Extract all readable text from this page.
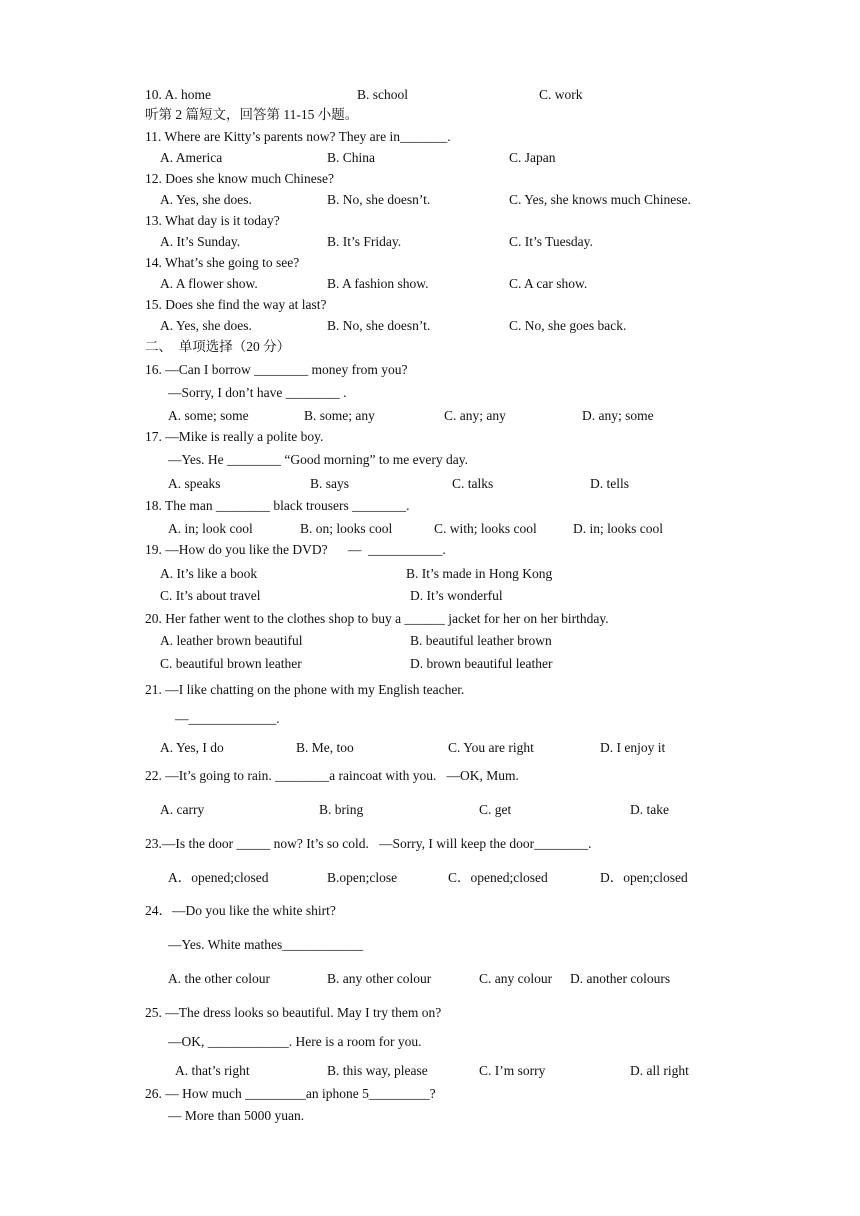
10. A. home	B. school	C. work
听第 2 篇短文，回答第 11-15 小题。
11. Where are Kitty’s parents now? They are in_______.
A. America	B. China	C. Japan
12. Does she know much Chinese?
A. Yes, she does.	B. No, she doesn’t.	C. Yes, she knows much Chinese.
13. What day is it today?
A. It’s Sunday.	B. It’s Friday.	C. It’s Tuesday.
14. What’s she going to see?
A. A flower show.	B. A fashion show.	C. A car show.
15. Does she find the way at last?
A. Yes, she does.	B. No, she doesn’t.	C. No, she goes back.
二、  单项选择（20 分）
16. —Can I borrow ________ money from you?
—Sorry, I don’t have ________ .
A. some; some	B. some; any	C. any; any	D. any; some
17. —Mike is really a polite boy.
—Yes. He ________ “Good morning” to me every day.
A. speaks	B. says	C. talks	D. tells
18. The man ________ black trousers ________.
A. in; look cool	B. on; looks cool	C. with; looks cool	D. in; looks cool
19. —How do you like the DVD?      —  ___________.
A. It’s like a book	B. It’s made in Hong Kong
C. It’s about travel	D. It’s wonderful
20. Her father went to the clothes shop to buy a ______ jacket for her on her birthday.
A. leather brown beautiful	B. beautiful leather brown
C. beautiful brown leather	D. brown beautiful leather
21. —I like chatting on the phone with my English teacher.
—_____________.
A. Yes, I do	B. Me, too	C. You are right	D. I enjoy it
22. —It’s going to rain. ________a raincoat with you.   —OK, Mum.
A. carry	B. bring	C. get	D. take
23.—Is the door _____ now? It’s so cold.   —Sorry, I will keep the door________.
A．opened;closed	B.open;close	C．opened;closed	D．open;closed
24．—Do you like the white shirt?
—Yes. White mathes____________
A. the other colour	B. any other colour	C. any colour D. another colours
25. —The dress looks so beautiful. May I try them on?
—OK, ____________. Here is a room for you.
A. that’s right	B. this way, please	C. I’m sorry	D. all right
26. — How much _________an iphone 5_________?
— More than 5000 yuan.
